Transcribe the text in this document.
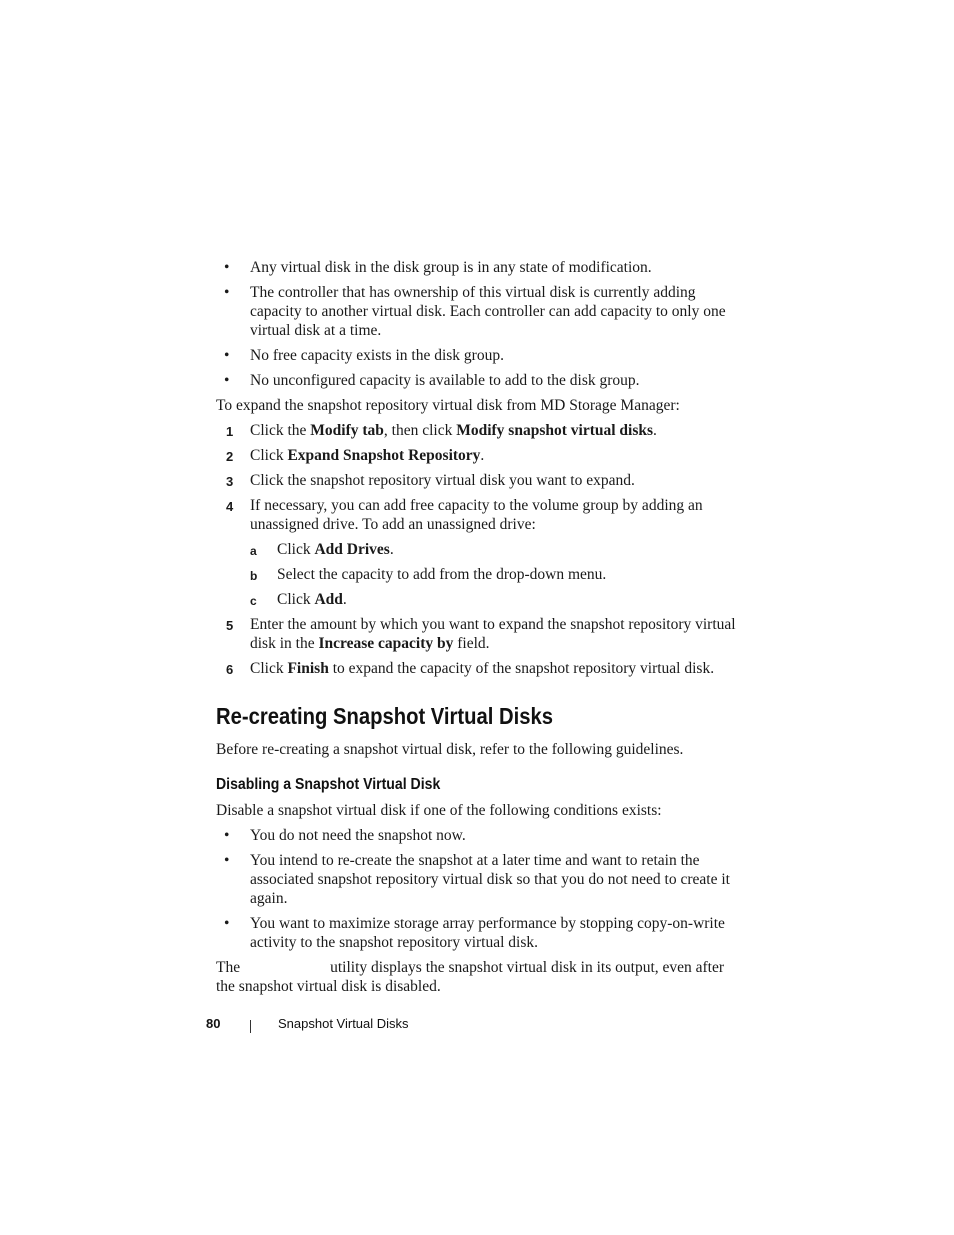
• Any virtual disk in the disk group is in any state of modification.
• The controller that has ownership of this virtual disk is currently adding capacity to another virtual disk. Each controller can add capacity to only one virtual disk at a time.
• No free capacity exists in the disk group.
• No unconfigured capacity is available to add to the disk group.

To expand the snapshot repository virtual disk from MD Storage Manager:

1 Click the Modify tab, then click Modify snapshot virtual disks.
2 Click Expand Snapshot Repository.
3 Click the snapshot repository virtual disk you want to expand.
4 If necessary, you can add free capacity to the volume group by adding an unassigned drive. To add an unassigned drive:
a Click Add Drives.
b Select the capacity to add from the drop-down menu.
c Click Add.
5 Enter the amount by which you want to expand the snapshot repository virtual disk in the Increase capacity by field.
6 Click Finish to expand the capacity of the snapshot repository virtual disk.
Re-creating Snapshot Virtual Disks

Before re-creating a snapshot virtual disk, refer to the following guidelines.

Disabling a Snapshot Virtual Disk

Disable a snapshot virtual disk if one of the following conditions exists:

• You do not need the snapshot now.
• You intend to re-create the snapshot at a later time and want to retain the associated snapshot repository virtual disk so that you do not need to create it again.
• You want to maximize storage array performance by stopping copy-on-write activity to the snapshot repository virtual disk.

The	utility displays the snapshot virtual disk in its output, even after the snapshot virtual disk is disabled.

80	Snapshot Virtual Disks
